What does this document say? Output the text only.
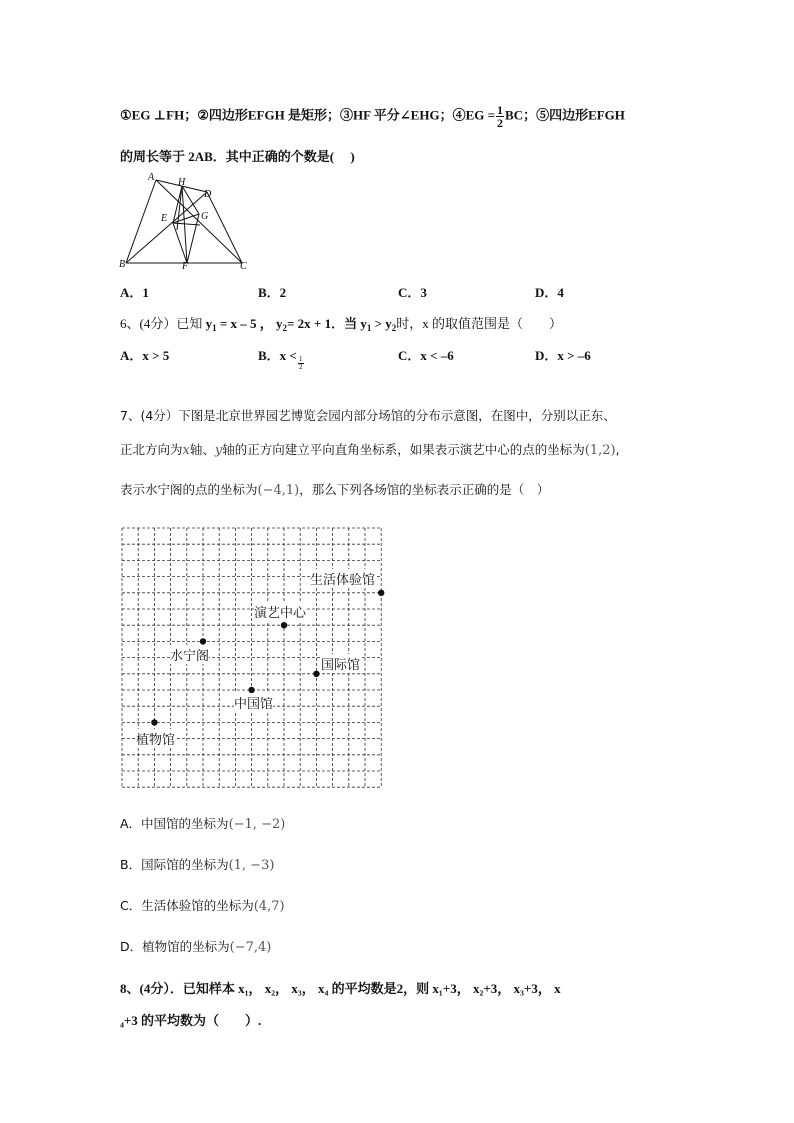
①EG ⊥FH；②四边形EFGH 是矩形；③HF 平分∠EHG；④EG = $\frac{1}{2}$ BC；⑤四边形EFGH
的周长等于 2AB．其中正确的个数是(　 )
A H
D
E	G
B	F	C
A．1	B．2	C．3	D．4
6、(4分）已知 $y_1 = x - 5$ ， $y_2= 2x + 1$．当 $y_1 > y_2$时，x 的取值范围是（　　）
A．x > 5	B．x < 1
2
C．x < –6	D．x > –6
7、(4分）下图是北京世界园艺博览会园内部分场馆的分布示意图，在图中，分别以正东、
正北方向为x轴、y轴的正方向建立平向直角坐标系，如果表示演艺中心的点的坐标为(1,2),
表示水宁阁的点的坐标为(−4,1)，那么下列各场馆的坐标表示正确的是（　）
生活体验馆
演艺中心
水宁阁
国际馆
中国馆
植物馆
A．中国馆的坐标为(−1, −2)
B．国际馆的坐标为(1, −3)
C．生活体验馆的坐标为(4,7)
D．植物馆的坐标为(−7,4)
8、(4分）．已知样本 x₁， x₂， x₃， x₄ 的平均数是2，则 x₁+3， x₂+3， x₃+3， x
₄+3 的平均数为（　　）.
